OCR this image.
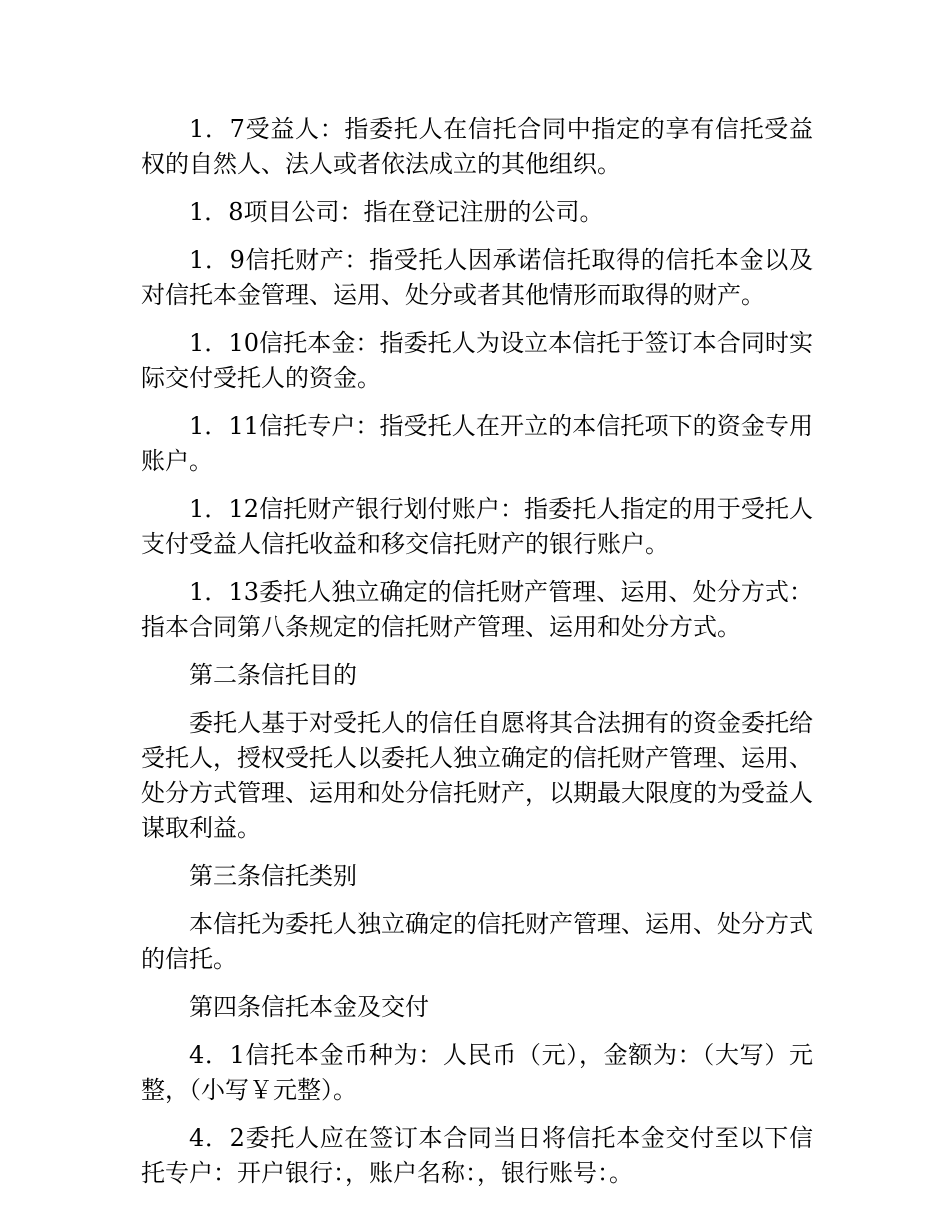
1．7受益人：指委托人在信托合同中指定的享有信托受益权的自然人、法人或者依法成立的其他组织。

1．8项目公司：指在登记注册的公司。

1．9信托财产：指受托人因承诺信托取得的信托本金以及对信托本金管理、运用、处分或者其他情形而取得的财产。

1．10信托本金：指委托人为设立本信托于签订本合同时实际交付受托人的资金。

1．11信托专户：指受托人在开立的本信托项下的资金专用账户。

1．12信托财产银行划付账户：指委托人指定的用于受托人支付受益人信托收益和移交信托财产的银行账户。

1．13委托人独立确定的信托财产管理、运用、处分方式：指本合同第八条规定的信托财产管理、运用和处分方式。

第二条信托目的

委托人基于对受托人的信任自愿将其合法拥有的资金委托给受托人，授权受托人以委托人独立确定的信托财产管理、运用、处分方式管理、运用和处分信托财产，以期最大限度的为受益人谋取利益。

第三条信托类别

本信托为委托人独立确定的信托财产管理、运用、处分方式的信托。

第四条信托本金及交付

4．1信托本金币种为：人民币（元），金额为：（大写）元整，（小写￥元整）。

4．2委托人应在签订本合同当日将信托本金交付至以下信托专户：开户银行：，账户名称：，银行账号：。
